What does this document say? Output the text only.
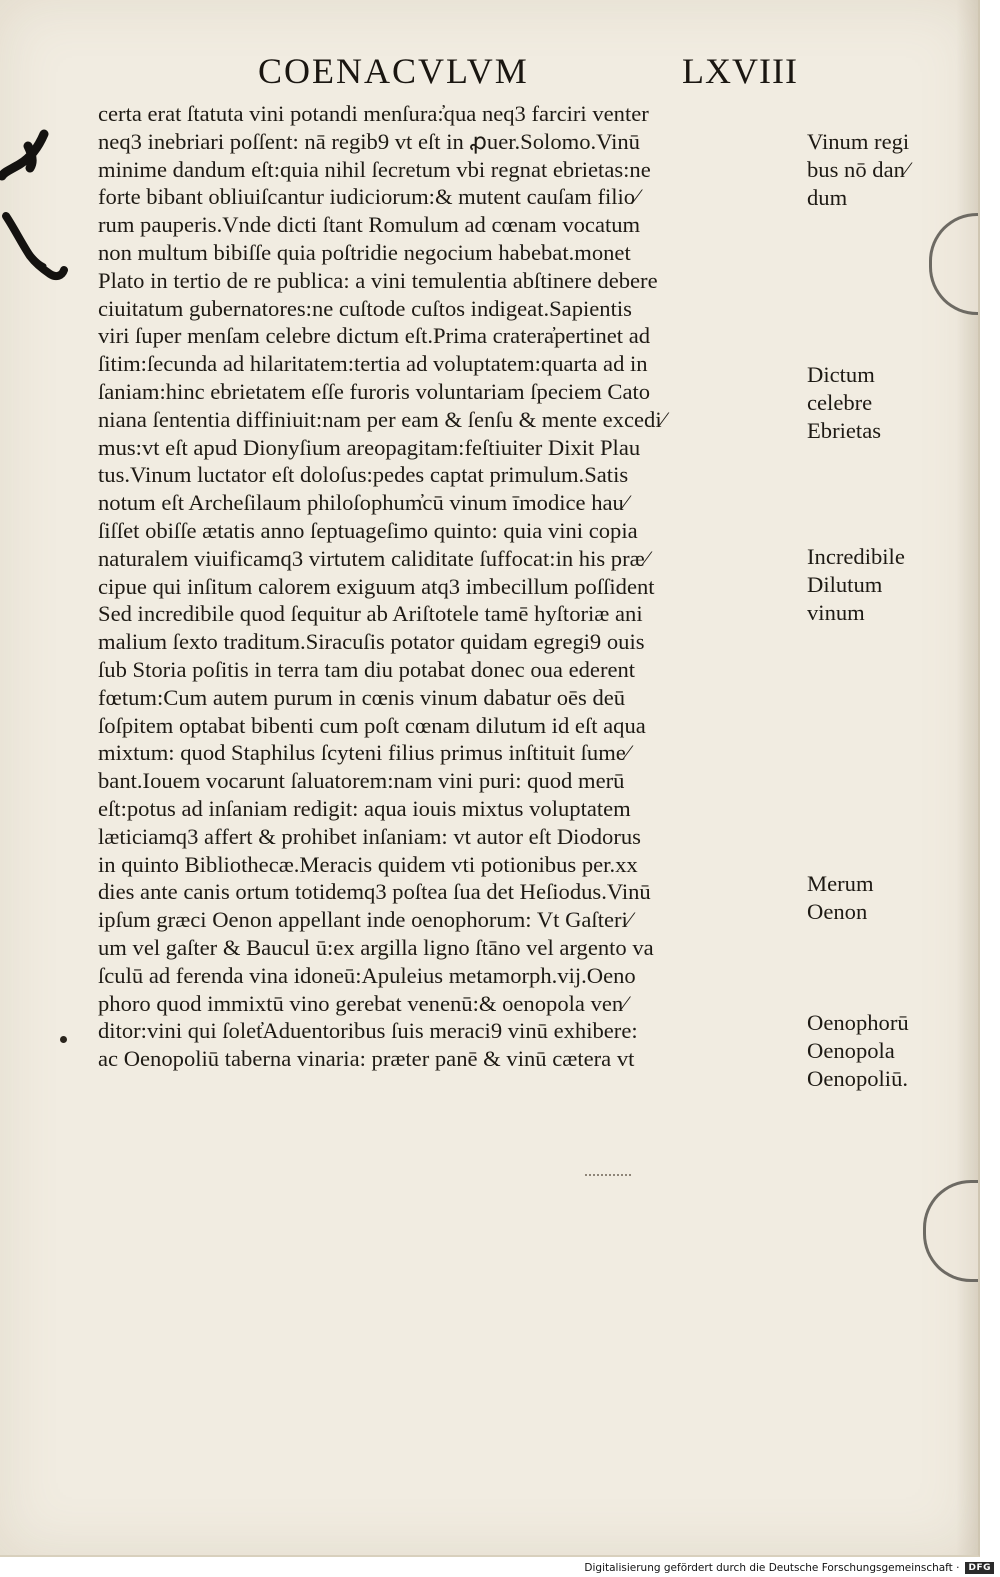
COENACVLVM	LXVIII
certa erat ſtatuta vini potandi menſura:̓qua neq3 farciri venter
neq3 inebriari poſſent: nā regib9 vt eſt in ꝓuer.Solomo.Vinū
minime dandum eſt:quia nihil ſecretum vbi regnat ebrietas:ne
forte bibant obliuiſcantur iudiciorum:& mutent cauſam filio⁄
rum pauperis.Vnde dicti ſtant Romulum ad cœnam vocatum
non multum bibiſſe quia poſtridie negocium habebat.monet
Plato in tertio de re publica: a vini temulentia abſtinere debere
ciuitatum gubernatores:ne cuſtode cuſtos indigeat.Sapientis
viri ſuper menſam celebre dictum eſt.Prima cratera̓pertinet ad
ſitim:ſecunda ad hilaritatem:tertia ad voluptatem:quarta ad in
ſaniam:hinc ebrietatem eſſe furoris voluntariam ſpeciem Cato
niana ſententia diffiniuit:nam per eam & ſenſu & mente excedi⁄
mus:vt eſt apud Dionyſium areopagitam:feſtiuiter Dixit Plau
tus.Vinum luctator eſt doloſus:pedes captat primulum.Satis
notum eſt Archeſilaum philoſophum̓cū vinum īmodice hau⁄
ſiſſet obiſſe ætatis anno ſeptuageſimo quinto: quia vini copia
naturalem viuificamq3 virtutem caliditate ſuffocat:in his præ⁄
cipue qui inſitum calorem exiguum atq3 imbecillum poſſident
Sed incredibile quod ſequitur ab Ariſtotele tamē hyſtoriæ ani
malium ſexto traditum.Siracuſis potator quidam egregi9 ouis
ſub Storia poſitis in terra tam diu potabat donec oua ederent
fœtum:Cum autem purum in cœnis vinum dabatur oēs deū
ſoſpitem optabat bibenti cum poſt cœnam dilutum id eſt aqua
mixtum: quod Staphilus ſcyteni filius primus inſtituit ſume⁄
bant.Iouem vocarunt ſaluatorem:nam vini puri: quod merū
eſt:potus ad inſaniam redigit: aqua iouis mixtus voluptatem
læticiamq3 affert & prohibet inſaniam: vt autor eſt Diodorus
in quinto Bibliothecæ.Meracis quidem vti potionibus per.xx
dies ante canis ortum totidemq3 poſtea ſua det Heſiodus.Vinū
ipſum græci Oenon appellant inde oenophorum: Vt Gaſteri⁄
um vel gaſter & Baucul ū:ex argilla ligno ſtāno vel argento va
ſculū ad ferenda vina idoneū:Apuleius metamorph.vij.Oeno
phoro quod immixtū vino gerebat venenū:& oenopola ven⁄
ditor:vini qui ſolet̓Aduentoribus ſuis meraci9 vinū exhibere:
ac Oenopoliū taberna vinaria: præter panē & vinū cætera vt
Vinum regi
bus nō dan⁄
dum
Dictum
celebre
Ebrietas
Incredibile
Dilutum
vinum
Merum
Oenon
Oenophorū
Oenopola
Oenopoliū.
Digitalisierung gefördert durch die Deutsche Forschungsgemeinschaft ·	DFG
